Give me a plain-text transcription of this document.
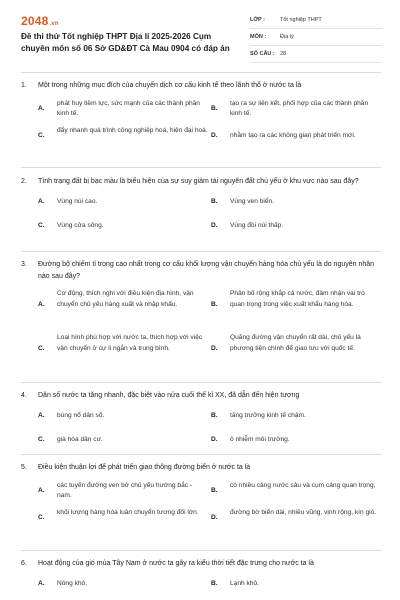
2048.vn
Đề thi thử Tốt nghiệp THPT Địa lí 2025-2026 Cụm chuyên môn số 06 Sở GD&ĐT Cà Mau 0904 có đáp án
LỚP :	Tốt nghiệp THPT
MÔN :	Địa lý
SỐ CÂU : 28
1. Một trong những mục đích của chuyển dịch cơ cấu kinh tế theo lãnh thổ ở nước ta là
A.
phát huy tiềm lực, sức mạnh của các thành phần kinh tế.
B.
tạo ra sự liên kết, phối hợp của các thành phần kinh tế.
C.
đẩy nhanh quá trình công nghiệp hoá, hiện đại hoá.
D.	nhằm tạo ra các không gian phát triển mới.
2. Tình trạng đất bị bạc màu là biểu hiện của sự suy giảm tài nguyên đất chủ yếu ở khu vực nào sau đây?
A.	Vùng núi cao.	B.	Vùng ven biển.
C.	Vùng cửa sông.	D.	Vùng đồi núi thấp.
3. Đường bộ chiếm tỉ trọng cao nhất trong cơ cấu khối lượng vận chuyển hàng hóa chủ yếu là do nguyên nhân nào sau đây?
A.
Cơ động, thích nghi với điều kiện địa hình, vận chuyển chủ yếu hàng xuất và nhập khẩu.	B.
Phân bố rộng khắp cả nước, đảm nhận vai trò quan trọng trong việc xuất khẩu hàng hóa.
C.
Loại hình phù hợp với nước ta, thích hợp với việc vận chuyển ở cự li ngắn và trung bình.	D.
Quãng đường vận chuyển rất dài, chủ yếu là phương tiện chính để giao lưu với quốc tế.
4. Dân số nước ta tăng nhanh, đặc biệt vào nửa cuối thế kỉ XX, đã dẫn đến hiện tượng
A.	bùng nổ dân số.	B.	tăng trưởng kinh tế chậm.
C.	già hóa dân cư.	D.	ô nhiễm môi trường.
5. Điều kiện thuận lợi để phát triển giao thông đường biển ở nước ta là
A.
các tuyến đường ven bờ chủ yếu hướng bắc - nam.
B.
có nhiều cảng nước sâu và cụm cảng quan trọng,
C.
khối lượng hàng hóa luân chuyển tương đối lớn.
D.
đường bờ biển dài, nhiều vũng, vịnh rộng, kín gió.
6. Hoạt động của gió mùa Tây Nam ở nước ta gây ra kiểu thời tiết đặc trưng cho nước ta là
A.	Nóng khô.	B.	Lạnh khô.
